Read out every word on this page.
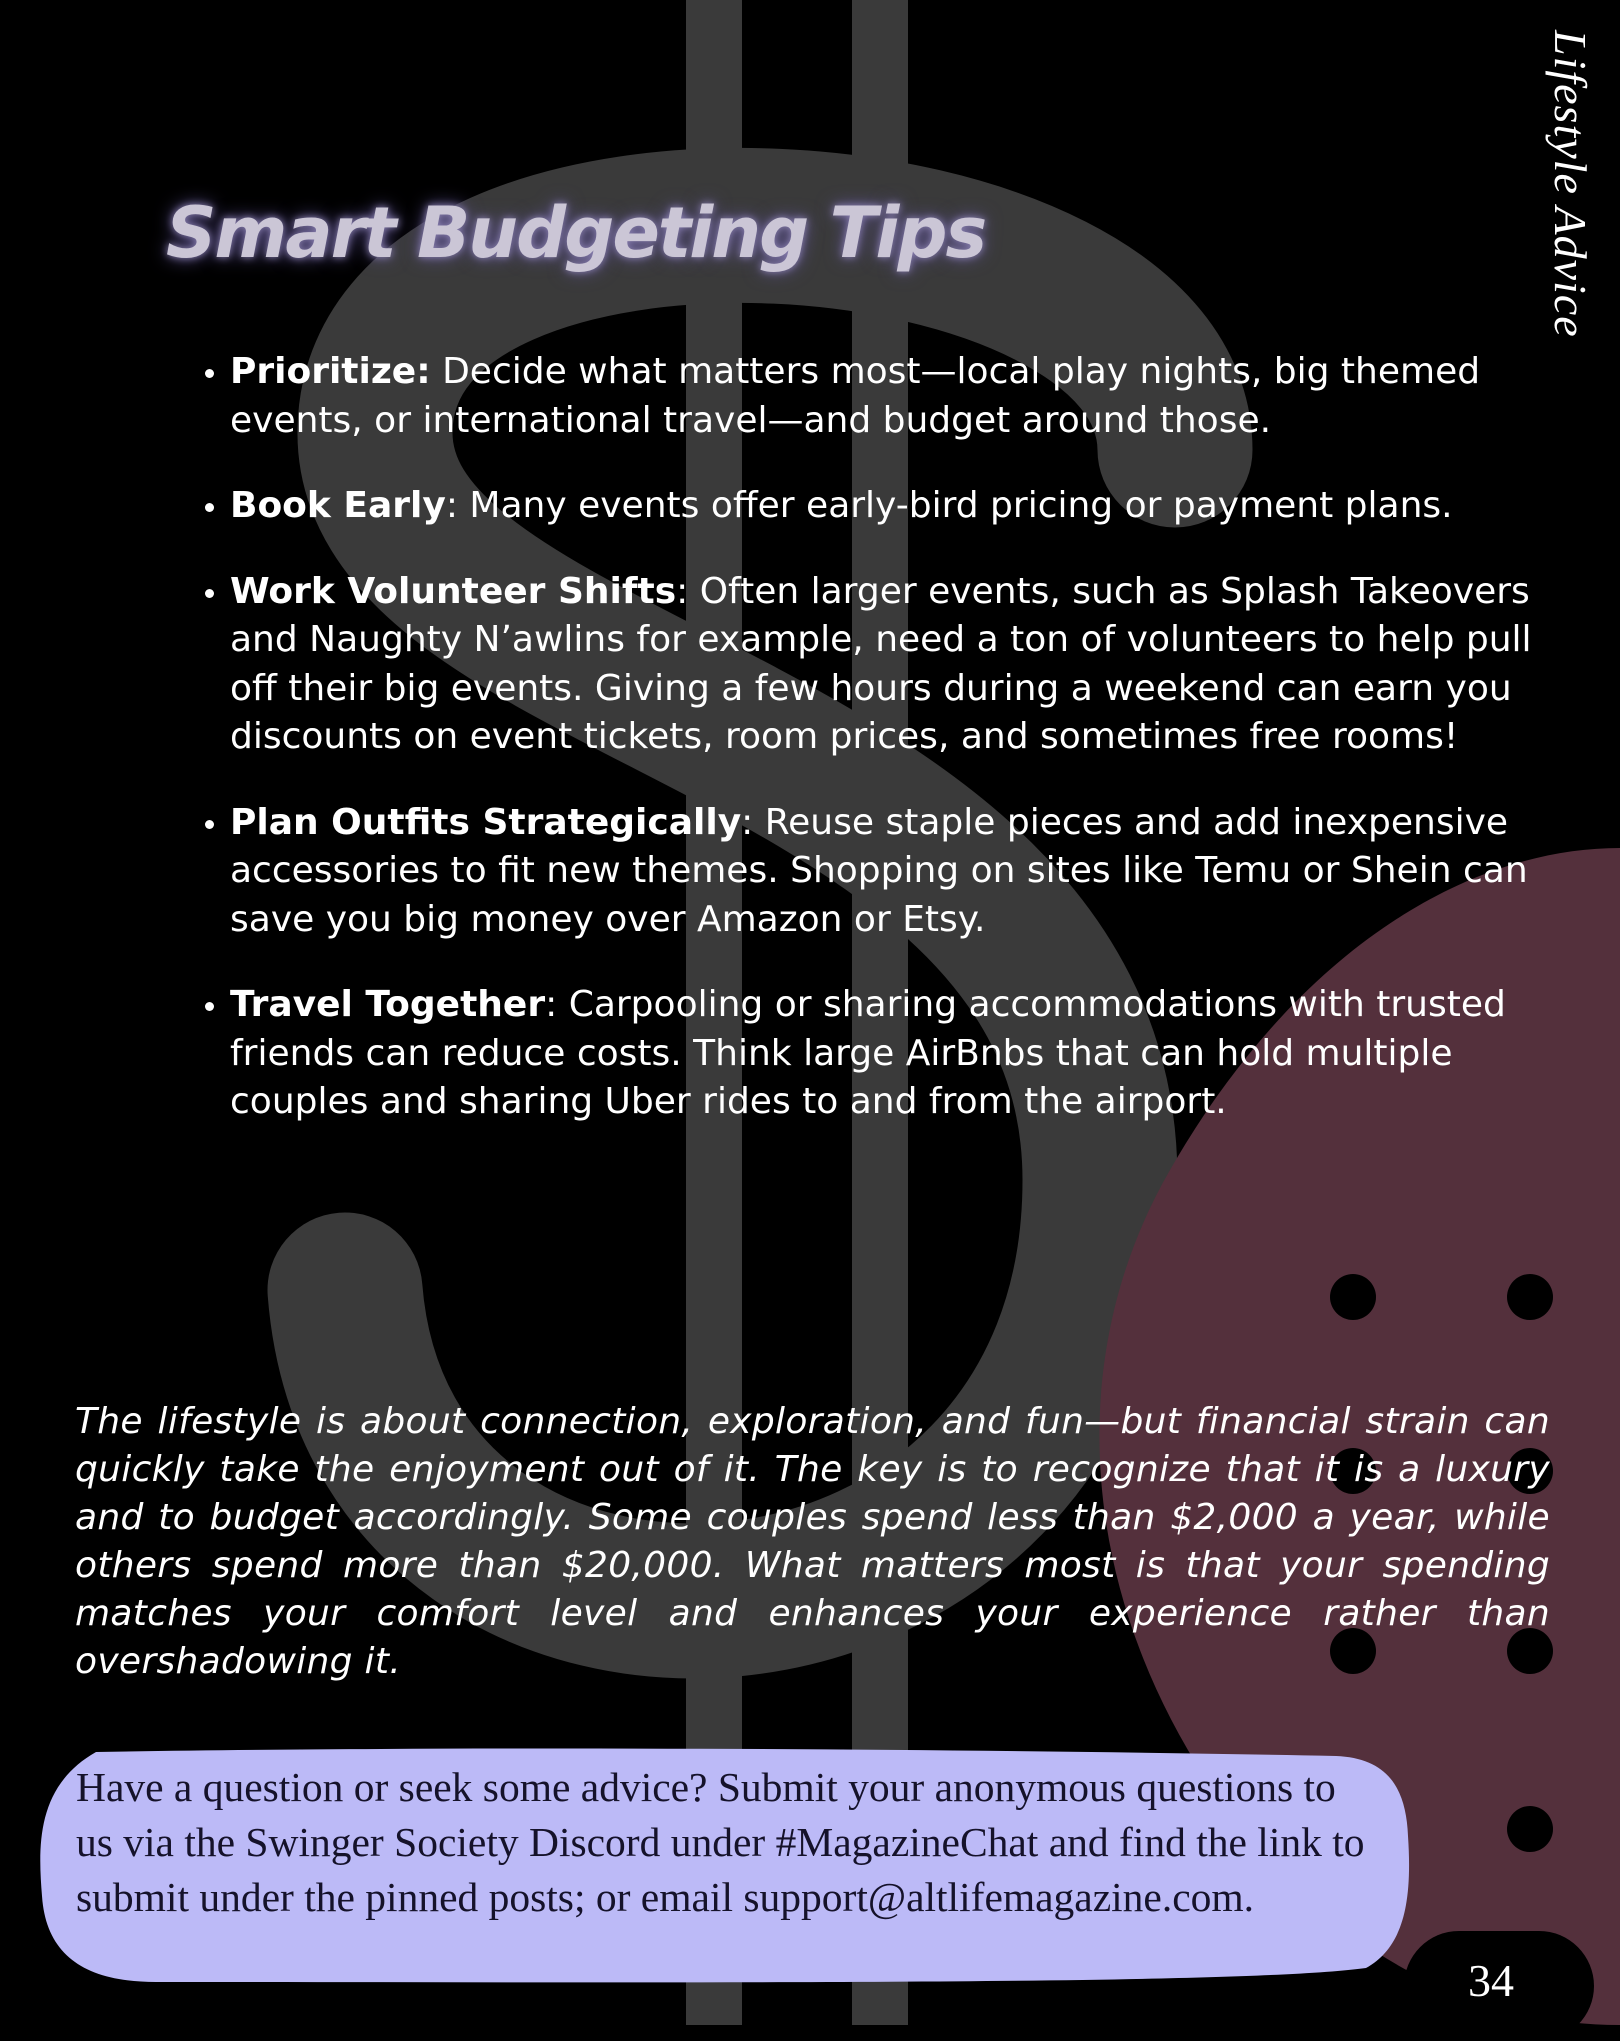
Lifestyle Advice
Smart Budgeting Tips
• Prioritize: Decide what matters most—local play nights, big themed events, or international travel—and budget around those.
• Book Early: Many events offer early-bird pricing or payment plans.
• Work Volunteer Shifts: Often larger events, such as Splash Takeovers and Naughty N’awlins for example, need a ton of volunteers to help pull off their big events. Giving a few hours during a weekend can earn you discounts on event tickets, room prices, and sometimes free rooms!
• Plan Outfits Strategically: Reuse staple pieces and add inexpensive accessories to fit new themes. Shopping on sites like Temu or Shein can save you big money over Amazon or Etsy.
• Travel Together: Carpooling or sharing accommodations with trusted friends can reduce costs. Think large AirBnbs that can hold multiple couples and sharing Uber rides to and from the airport.

The lifestyle is about connection, exploration, and fun—but financial strain can quickly take the enjoyment out of it. The key is to recognize that it is a luxury and to budget accordingly. Some couples spend less than $2,000 a year, while others spend more than $20,000. What matters most is that your spending matches your comfort level and enhances your experience rather than overshadowing it.

Have a question or seek some advice? Submit your anonymous questions to us via the Swinger Society Discord under #MagazineChat and find the link to submit under the pinned posts; or email support@altlifemagazine.com.

34
